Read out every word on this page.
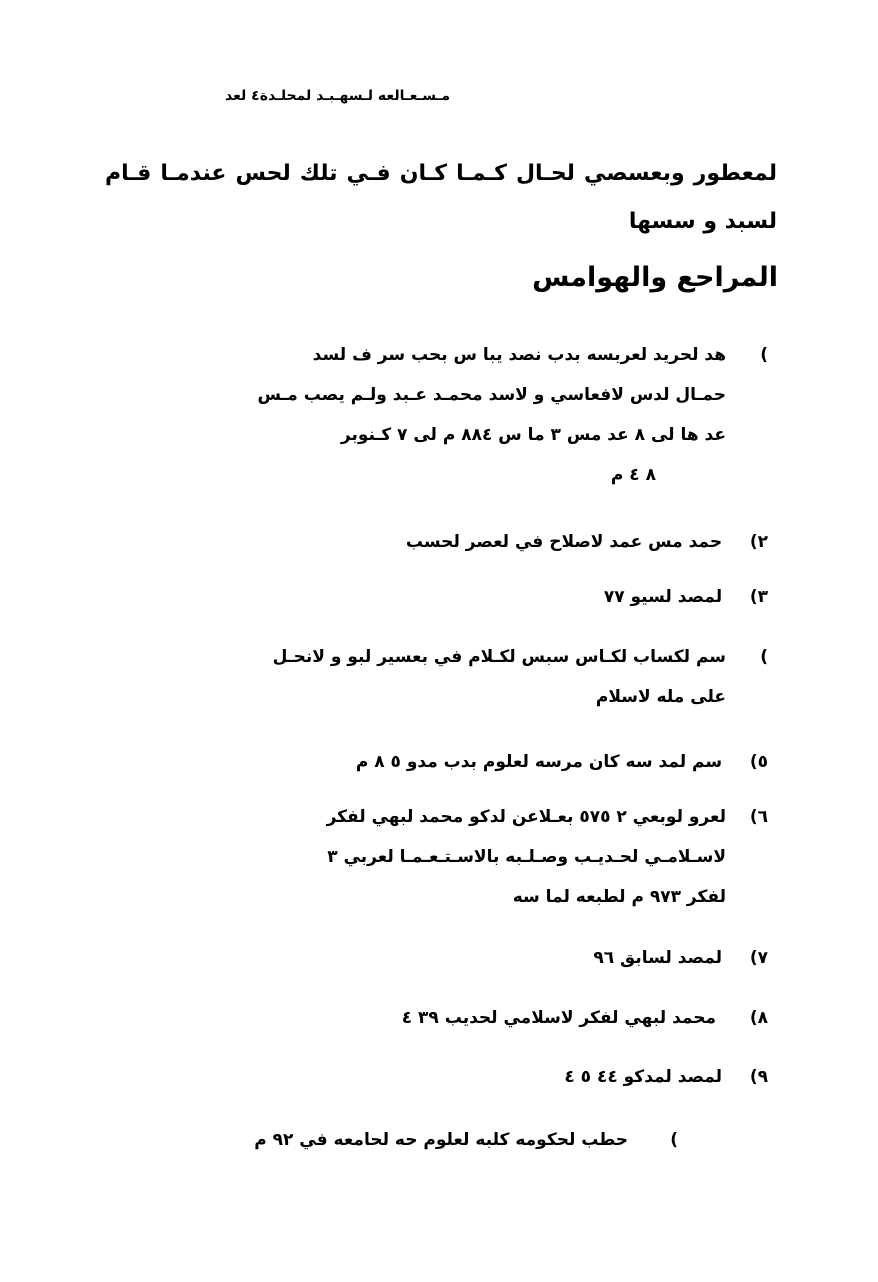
مـسـعـالعه لـسهـبـد لمحلـدة٤ لعد
لمعطور وبعسصي لحـال كـمـا كـان فـي تلك لحس عندمـا قـام لسبد و سسها
المراحع والهوامس
)
هد لحريد لعربسه بدب نصد يبا س بحب سر ف لسد
حمـال لدس لافعاسي و لاسد محمـد عـبد ولـم يصب مـس
عد ها لى ٨ عد مس ٣ ما س ٨٨٤ م لى ٧ كـنوبر
٨ ٤ م
٢) حمد مس عمد لاصلاح في لعصر لحسب
٣) لمصد لسيو ٧٧
)
سم لكساب لكـاس سبس لكـلام في بعسير لبو و لانحـل
على مله لاسلام
٥) سم لمد سه كان مرسه لعلوم بدب مدو ٥ ٨ م
٦)
لعرو لوبعي ٢ ٥٧٥ بعـلاعن لدكو محمد لبهي لفكر
لاسـلامـي لحـديـب وصـلـبه بالاسـتـعـمـا لعربي ٣
لفكر ٩٧٣ م لطبعه لما سه
٧) لمصد لسابق ٩٦
٨) محمد لبهي لفكر لاسلامي لحديب ٣٩ ٤
٩) لمصد لمدكو ٤٤ ٥ ٤
) حطب لحكومه كلبه لعلوم حه لحامعه في ٩٢ م
